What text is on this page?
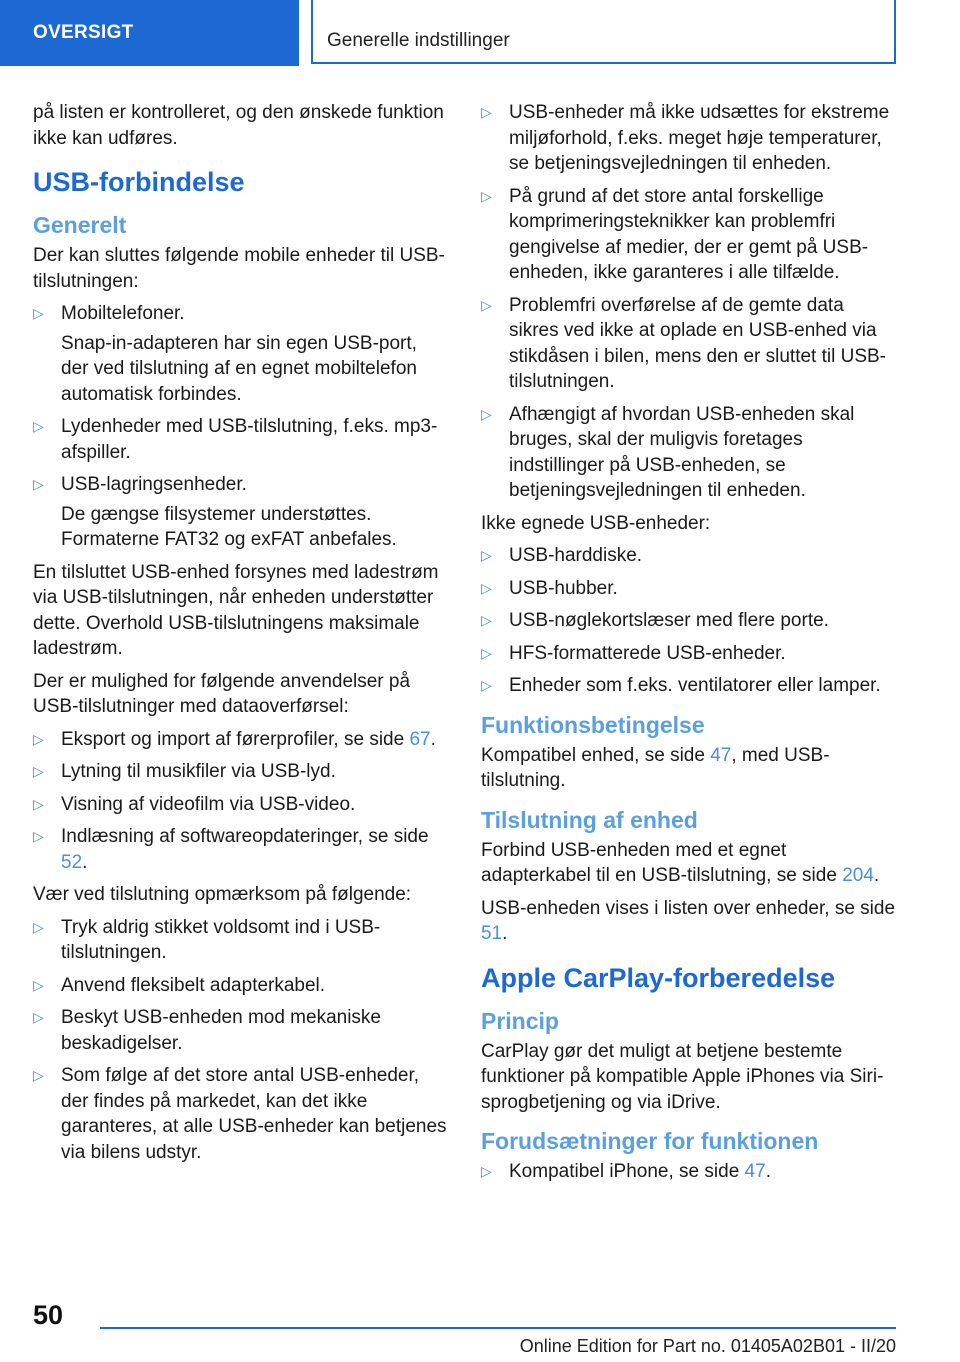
OVERSIGT	Generelle indstillinger

på listen er kontrolleret, og den ønskede funktion ikke kan udføres.

USB-forbindelse
Generelt

Der kan sluttes følgende mobile enheder til USB-tilslutningen:

▷ Mobiltelefoner.
Snap-in-adapteren har sin egen USB-port, der ved tilslutning af en egnet mobiltelefon automatisk forbindes.
▷ Lydenheder med USB-tilslutning, f.eks. mp3-afspiller.
▷ USB-lagringsenheder.
De gængse filsystemer understøttes. Formaterne FAT32 og exFAT anbefales.

En tilsluttet USB-enhed forsynes med ladestrøm via USB-tilslutningen, når enheden understøtter dette. Overhold USB-tilslutningens maksimale ladestrøm.

Der er mulighed for følgende anvendelser på USB-tilslutninger med dataoverførsel:

▷ Eksport og import af førerprofiler, se side 67.
▷ Lytning til musikfiler via USB-lyd.
▷ Visning af videofilm via USB-video.
▷ Indlæsning af softwareopdateringer, se side 52.

Vær ved tilslutning opmærksom på følgende:

▷ Tryk aldrig stikket voldsomt ind i USB-tilslutningen.
▷ Anvend fleksibelt adapterkabel.
▷ Beskyt USB-enheden mod mekaniske beskadigelser.
▷ Som følge af det store antal USB-enheder, der findes på markedet, kan det ikke garanteres, at alle USB-enheder kan betjenes via bilens udstyr.
▷ USB-enheder må ikke udsættes for ekstreme miljøforhold, f.eks. meget høje temperaturer, se betjeningsvejledningen til enheden.
▷ På grund af det store antal forskellige komprimeringsteknikker kan problemfri gengivelse af medier, der er gemt på USB-enheden, ikke garanteres i alle tilfælde.
▷ Problemfri overførelse af de gemte data sikres ved ikke at oplade en USB-enhed via stikdåsen i bilen, mens den er sluttet til USB-tilslutningen.
▷ Afhængigt af hvordan USB-enheden skal bruges, skal der muligvis foretages indstillinger på USB-enheden, se betjeningsvejledningen til enheden.

Ikke egnede USB-enheder:

▷ USB-harddiske.
▷ USB-hubber.
▷ USB-nøglekortslæser med flere porte.
▷ HFS-formatterede USB-enheder.
▷ Enheder som f.eks. ventilatorer eller lamper.
Funktionsbetingelse

Kompatibel enhed, se side 47, med USB-tilslutning.

Tilslutning af enhed

Forbind USB-enheden med et egnet adapterkabel til en USB-tilslutning, se side 204.

USB-enheden vises i listen over enheder, se side 51.

Apple CarPlay-forberedelse
Princip

CarPlay gør det muligt at betjene bestemte funktioner på kompatible Apple iPhones via Siri-sprogbetjening og via iDrive.

Forudsætninger for funktionen
▷ Kompatibel iPhone, se side 47.
50
Online Edition for Part no. 01405A02B01 - II/20
